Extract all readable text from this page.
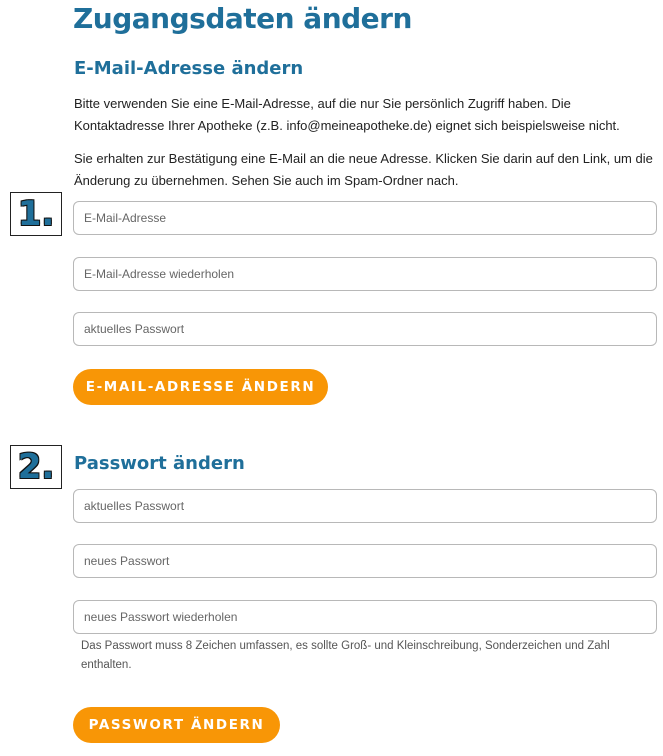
Zugangsdaten ändern
E-Mail-Adresse ändern

Bitte verwenden Sie eine E-Mail-Adresse, auf die nur Sie persönlich Zugriff haben. Die Kontaktadresse Ihrer Apotheke (z.B. info@meineapotheke.de) eignet sich beispielsweise nicht.

Sie erhalten zur Bestätigung eine E-Mail an die neue Adresse. Klicken Sie darin auf den Link, um die Änderung zu übernehmen. Sehen Sie auch im Spam-Ordner nach.

1.
E-Mail-Adresse
E-Mail-Adresse wiederholen
E-MAIL-ADRESSE ÄNDERN
2.	Passwort ändern

Das Passwort muss 8 Zeichen umfassen, es sollte Groß- und Kleinschreibung, Sonderzeichen und Zahl enthalten.

PASSWORT ÄNDERN
